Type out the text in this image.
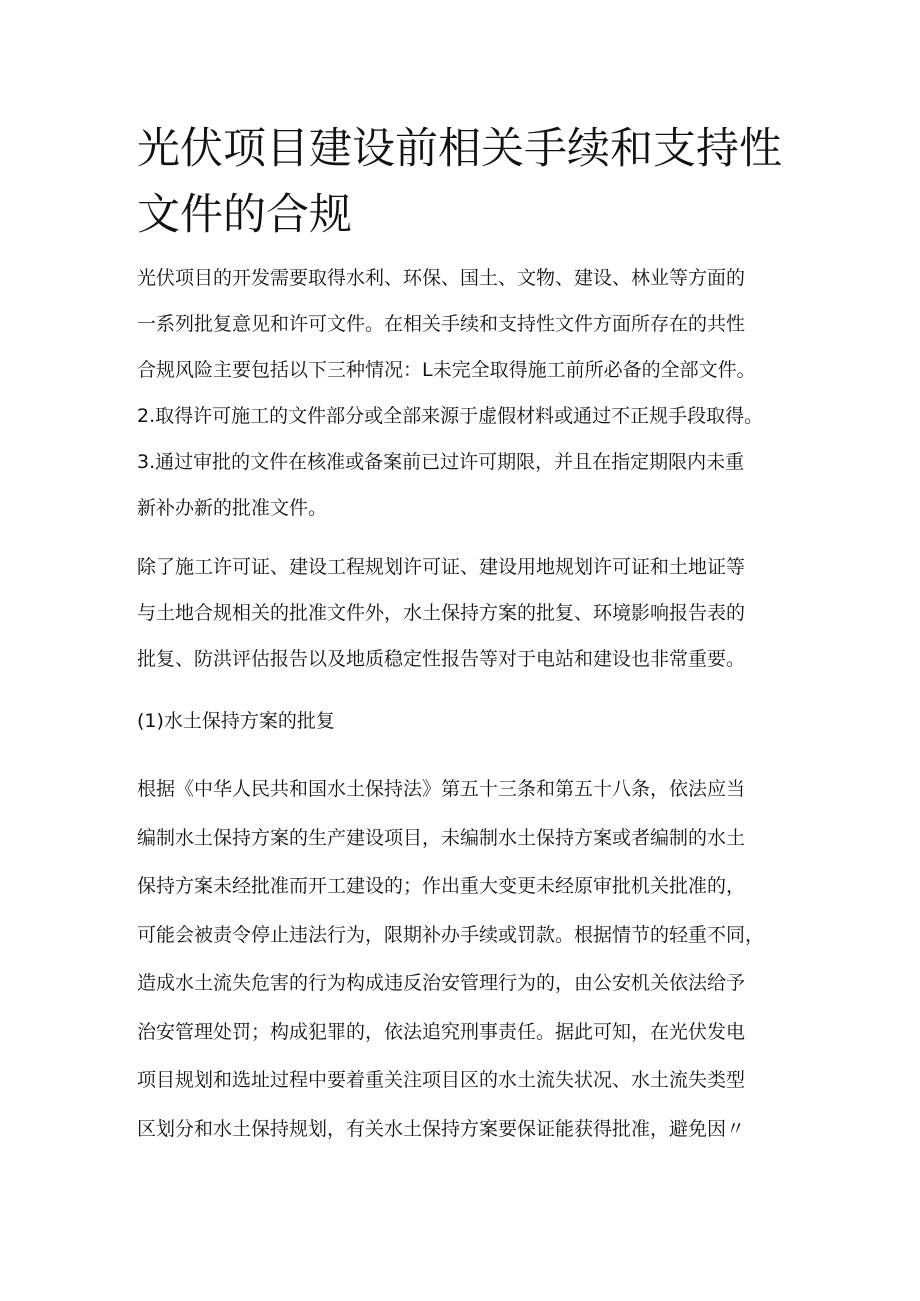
光伏项目建设前相关手续和支持性
文件的合规
光伏项目的开发需要取得水利、环保、国土、文物、建设、林业等方面的
一系列批复意见和许可文件。在相关手续和支持性文件方面所存在的共性
合规风险主要包括以下三种情况：L未完全取得施工前所必备的全部文件。
2.取得许可施工的文件部分或全部来源于虚假材料或通过不正规手段取得。
3.通过审批的文件在核准或备案前已过许可期限，并且在指定期限内未重
新补办新的批准文件。
除了施工许可证、建设工程规划许可证、建设用地规划许可证和土地证等
与土地合规相关的批准文件外，水土保持方案的批复、环境影响报告表的
批复、防洪评估报告以及地质稳定性报告等对于电站和建设也非常重要。
(1)水土保持方案的批复
根据《中华人民共和国水土保持法》第五十三条和第五十八条，依法应当
编制水土保持方案的生产建设项目，未编制水土保持方案或者编制的水土
保持方案未经批准而开工建设的；作出重大变更未经原审批机关批准的，
可能会被责令停止违法行为，限期补办手续或罚款。根据情节的轻重不同，
造成水土流失危害的行为构成违反治安管理行为的，由公安机关依法给予
治安管理处罚；构成犯罪的，依法追究刑事责任。据此可知，在光伏发电
项目规划和选址过程中要着重关注项目区的水土流失状况、水土流失类型
区划分和水土保持规划，有关水土保持方案要保证能获得批准，避免因〃
